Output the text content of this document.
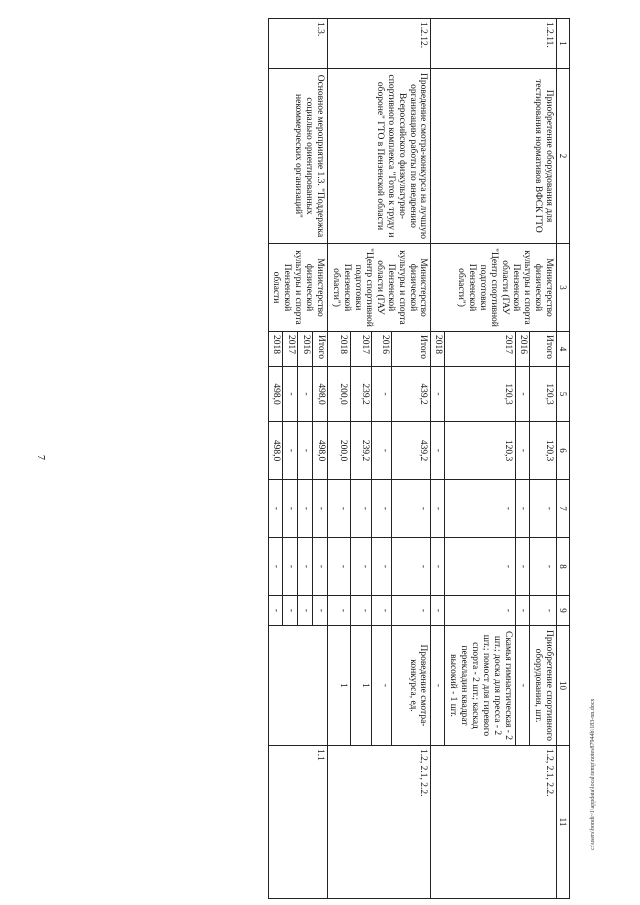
7
1	2	3	4	5	6	7	8	9	10	11
1.2.11.	Приобретение оборудования для тестирования нормативов ВФСК ГТО	Министерство физической культуры и спорта Пензенской области (ГАУ "Центр спортивной подготовки Пензенской области")	Итого	120,3	120,3	-	-	-	Приобретение спортивного оборудования, шт.	1.2, 2.1, 2.2.
			2016	-	-	-	-	-	-	
			2017	120,3	120,3	-	-	-	Скамья гимнастическая - 2 шт.; доска для пресса - 2 шт.; помост для гиревого спорта - 2 шт.; каскад перекладин квадрат высокий - 1 шт.	
			2018	-	-	-	-	-	-	
1.2.12.	Проведение смотра-конкурса на лучшую организацию работы по внедрению Всероссийского физкультурно-спортивного комплекса "Готов к труду и обороне" ГТО в Пензенской области	Министерство физической культуры и спорта Пензенской области (ГАУ "Центр спортивной подготовки Пензенской области")	Итого	439,2	439,2	-	-	-	Проведение смотра-конкурса, ед.	1.2, 2.1, 2.2.
			2016	-	-	-	-	-	-	
			2017	239,2	239,2	-	-	-	1	
			2018	200,0	200,0	-	-	-	1	
1.3.	Основное мероприятие 1.3. "Поддержка социально ориентированных некоммерческих организаций"	Министерство физической культуры и спорта Пензенской области	Итого	498,0	498,0	-	-	-		1.1
			2016	-	-	-	-	-		
			2017	-	-	-	-	-		
			2018	498,0	498,0	-	-	-		
c:\users\bondi~1\appdata\local\temp\notes87944b\183-nn.docx
